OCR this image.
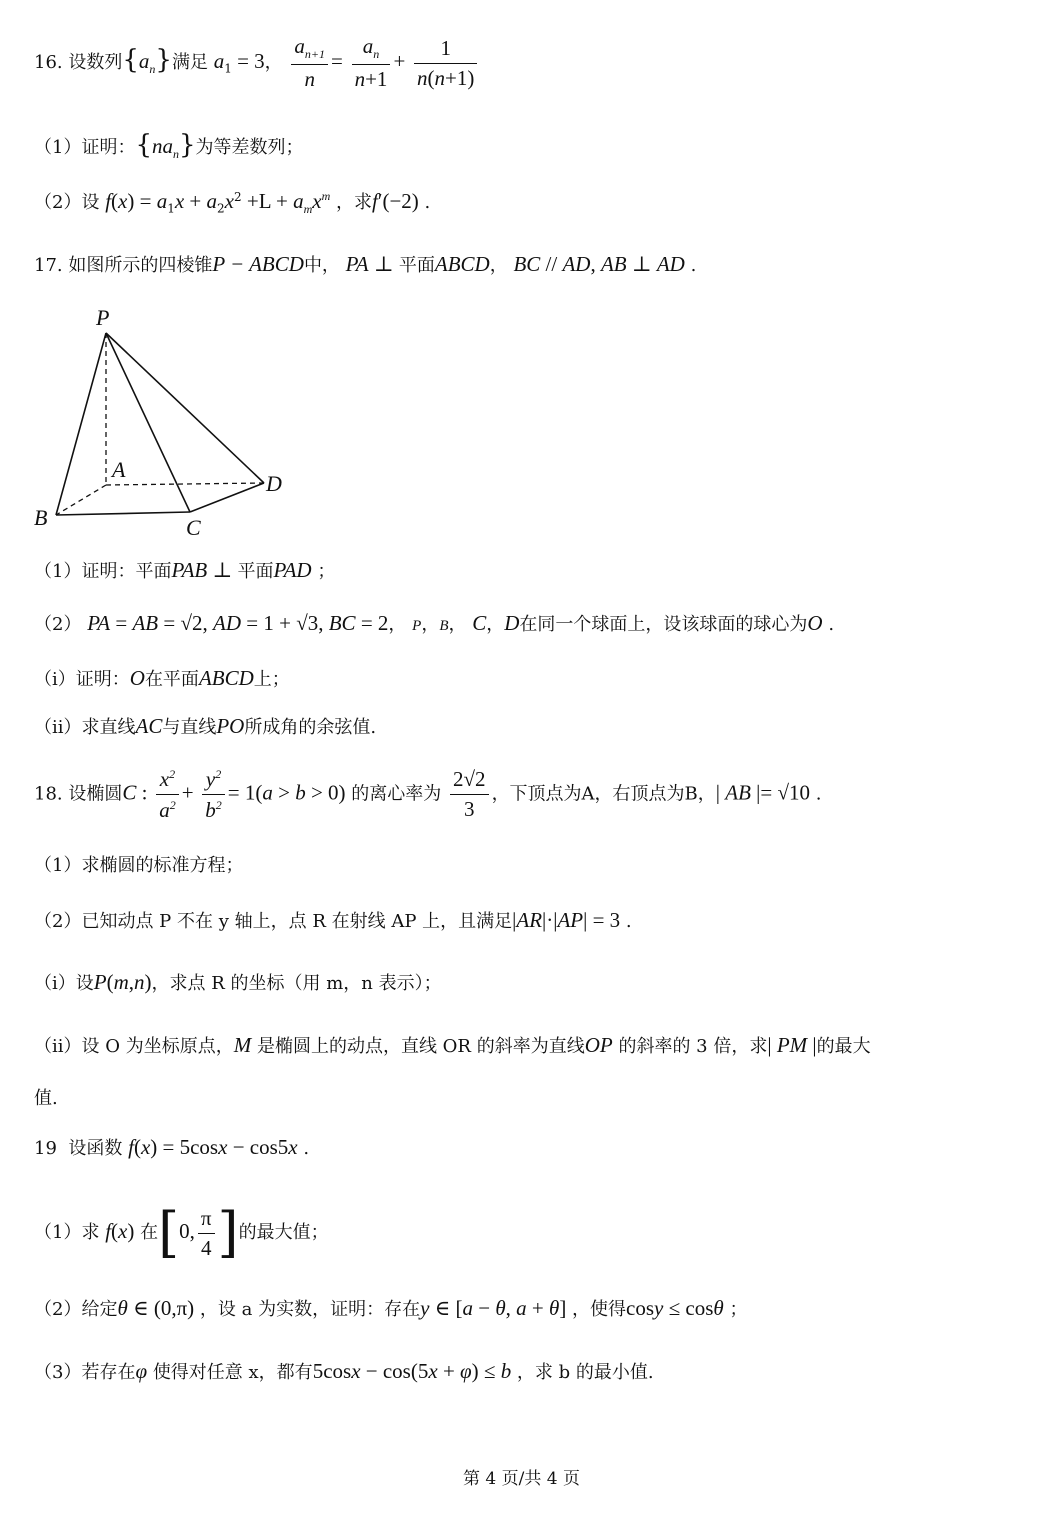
16. 设数列$\{a_n\}$满足 $a_1 = 3$， $\frac{a_{n+1}}{n} = \frac{a_n}{n+1} + \frac{1}{n(n+1)}$
（1）证明：$\{na_n\}$为等差数列；
（2）设 $f(x) = a_1x + a_2x^2 +L + a_mx^m$ ，求f′(−2) .
17. 如图所示的四棱锥P − ABCD中， PA ⊥ 平面ABCD， BC // AD, AB ⊥ AD .
P
A
B	C
D
（1）证明：平面PAB ⊥ 平面PAD ；
（2） PA = AB = √2, AD = 1 + √3, BC = 2， P，B， C，D在同一个球面上，设该球面的球心为O .
（i）证明：O在平面ABCD上；
（ii）求直线AC与直线PO所成角的余弦值.
18. 设椭圆C : $\frac{x^2}{a^2} + \frac{y^2}{b^2} = 1(a > b > 0)$ 的离心率为 $\frac{2√2}{3}$ ，下顶点为A，右顶点为B，| AB |= √10 .
（1）求椭圆的标准方程；
（2）已知动点 P 不在 y 轴上，点 R 在射线 AP 上，且满足|AR|·|AP| = 3 .
（i）设P(m,n)，求点 R 的坐标（用 m，n 表示）；
（ii）设 O 为坐标原点，M 是椭圆上的动点，直线 OR 的斜率为直线OP 的斜率的 3 倍，求| PM |的最大
值.
19 设函数 f(x) = 5cosx − cos5x .
（1）求 f(x) 在[0, $\frac{\pi}{4}$ ]的最大值；
（2）给定θ ∈ (0,π) ，设 a 为实数，证明：存在y ∈ [a − θ, a + θ] ，使得cosy ≤ cosθ ；
（3）若存在φ 使得对任意 x，都有5cosx − cos(5x + φ) ≤ b ，求 b 的最小值.
第 4 页/共 4 页
